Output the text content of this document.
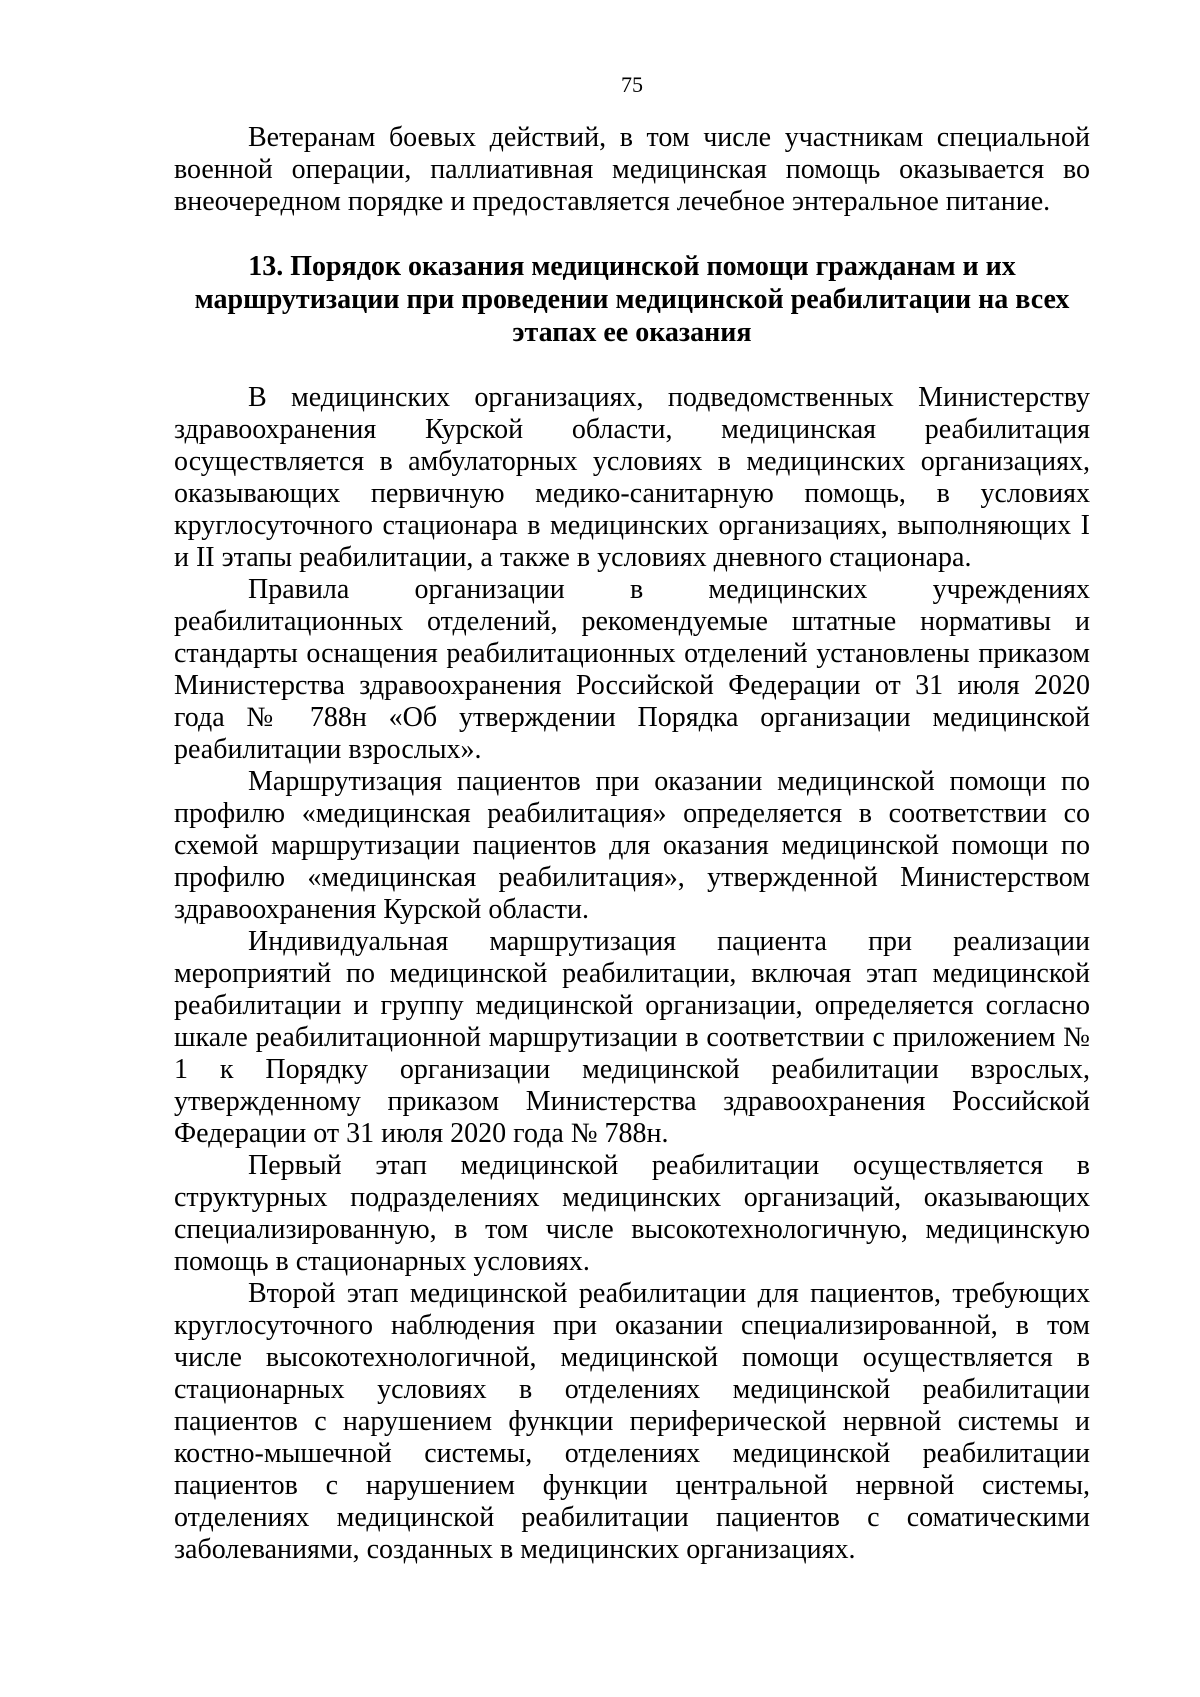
75

Ветеранам боевых действий, в том числе участникам специальной военной операции, паллиативная медицинская помощь оказывается во внеочередном порядке и предоставляется лечебное энтеральное питание.

13. Порядок оказания медицинской помощи гражданам и их маршрутизации при проведении медицинской реабилитации на всех этапах ее оказания

В медицинских организациях, подведомственных Министерству здравоохранения Курской области, медицинская реабилитация осуществляется в амбулаторных условиях в медицинских организациях, оказывающих первичную медико-санитарную помощь, в условиях круглосуточного стационара в медицинских организациях, выполняющих I и II этапы реабилитации, а также в условиях дневного стационара.

Правила организации в медицинских учреждениях реабилитационных отделений, рекомендуемые штатные нормативы и стандарты оснащения реабилитационных отделений установлены приказом Министерства здравоохранения Российской Федерации от 31 июля 2020 года № 788н «Об утверждении Порядка организации медицинской реабилитации взрослых».

Маршрутизация пациентов при оказании медицинской помощи по профилю «медицинская реабилитация» определяется в соответствии со схемой маршрутизации пациентов для оказания медицинской помощи по профилю «медицинская реабилитация», утвержденной Министерством здравоохранения Курской области.

Индивидуальная маршрутизация пациента при реализации мероприятий по медицинской реабилитации, включая этап медицинской реабилитации и группу медицинской организации, определяется согласно шкале реабилитационной маршрутизации в соответствии с приложением № 1 к Порядку организации медицинской реабилитации взрослых, утвержденному приказом Министерства здравоохранения Российской Федерации от 31 июля 2020 года № 788н.

Первый этап медицинской реабилитации осуществляется в структурных подразделениях медицинских организаций, оказывающих специализированную, в том числе высокотехнологичную, медицинскую помощь в стационарных условиях.

Второй этап медицинской реабилитации для пациентов, требующих круглосуточного наблюдения при оказании специализированной, в том числе высокотехнологичной, медицинской помощи осуществляется в стационарных условиях в отделениях медицинской реабилитации пациентов с нарушением функции периферической нервной системы и костно-мышечной системы, отделениях медицинской реабилитации пациентов с нарушением функции центральной нервной системы, отделениях медицинской реабилитации пациентов с соматическими заболеваниями, созданных в медицинских организациях.
